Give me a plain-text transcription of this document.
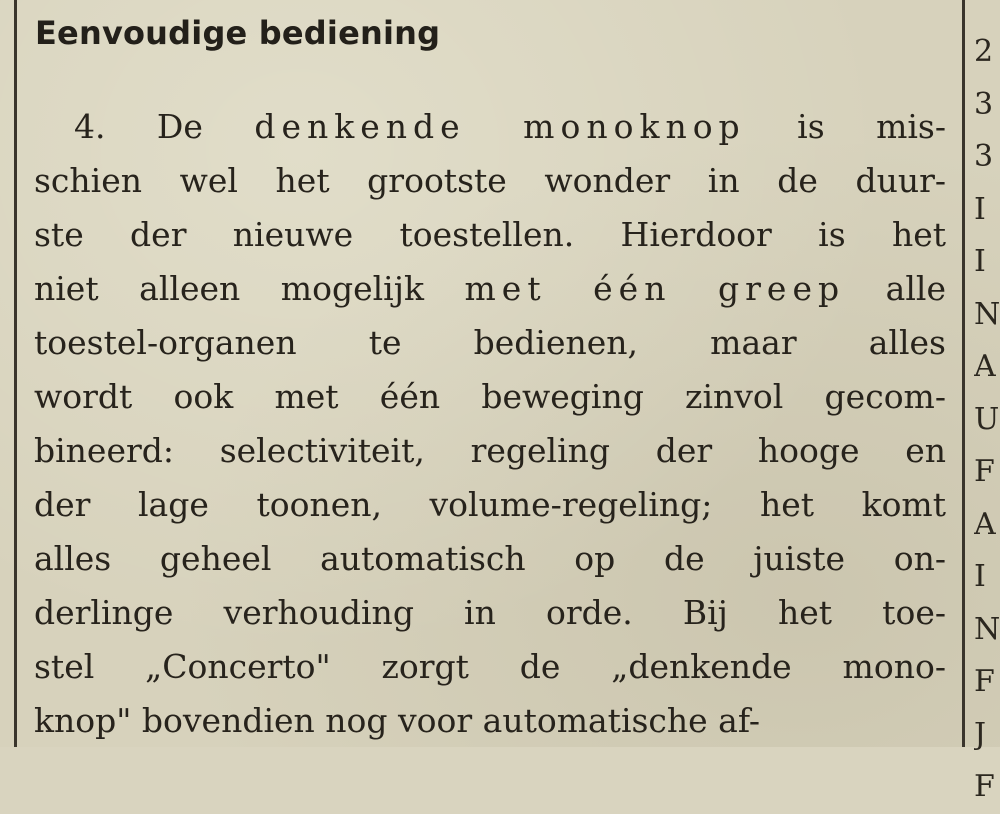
Eenvoudige bediening
4. De denkende monoknop is mis-
schien wel het grootste wonder in de duur-
ste der nieuwe toestellen. Hierdoor is het
niet alleen mogelijk met één greep alle
toestel-organen te bedienen, maar alles
wordt ook met één beweging zinvol gecom-
bineerd: selectiviteit, regeling der hooge en
der lage toonen, volume-regeling; het komt
alles geheel automatisch op de juiste on-
derlinge verhouding in orde. Bij het toe-
stel „Concerto" zorgt de „denkende mono-
knop" bovendien nog voor automatische af-
2
3
3
I
I
N
A
U
F
A
I
N
F
J
F
